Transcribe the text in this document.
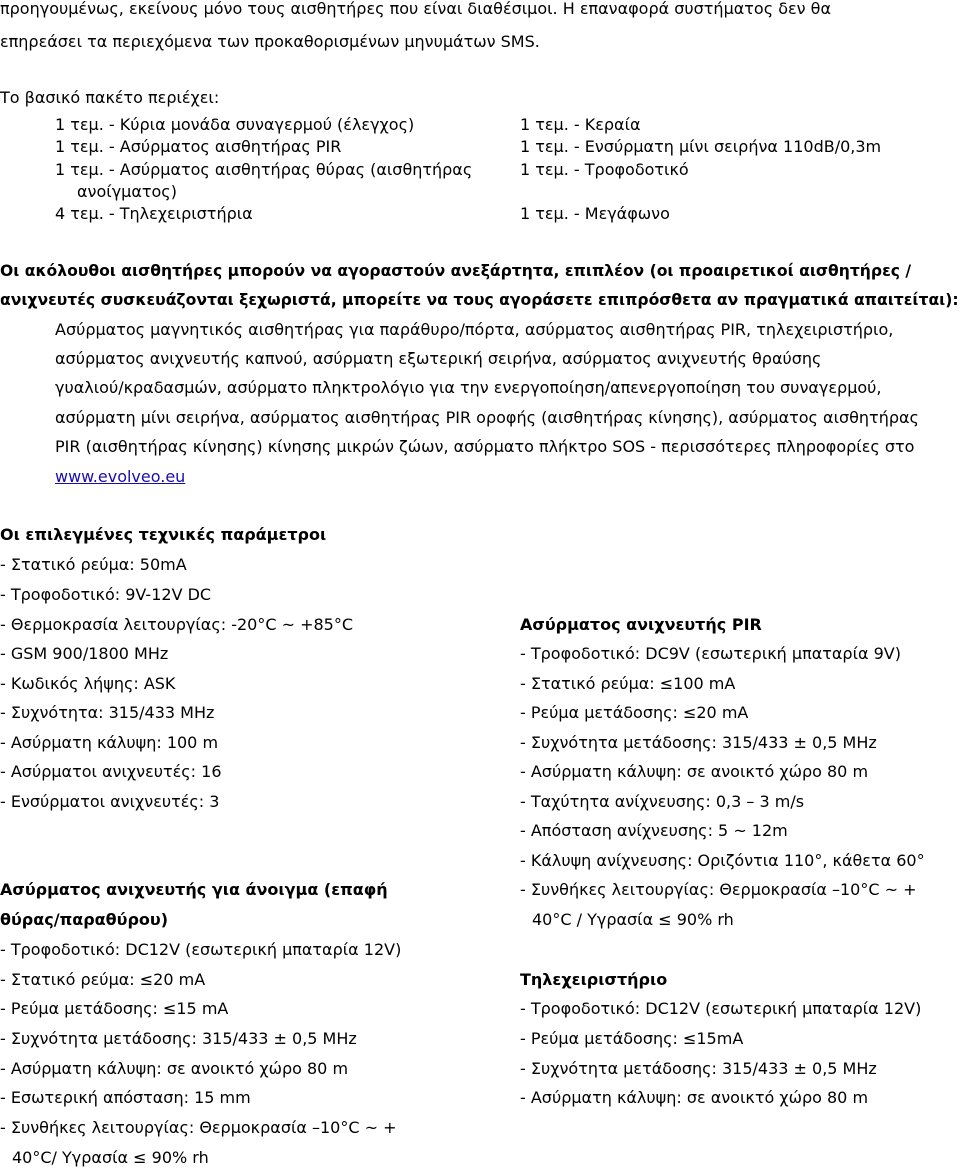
προηγουμένως, εκείνους μόνο τους αισθητήρες που είναι διαθέσιμοι. Η επαναφορά συστήματος δεν θα
επηρεάσει τα περιεχόμενα των προκαθορισμένων μηνυμάτων SMS.
Το βασικό πακέτο περιέχει:
1 τεμ. - Κύρια μονάδα συναγερμού (έλεγχος)
1 τεμ. - Ασύρματος αισθητήρας PIR
1 τεμ. - Ασύρματος αισθητήρας θύρας (αισθητήρας
ανοίγματος)
4 τεμ. - Τηλεχειριστήρια
1 τεμ. - Κεραία
1 τεμ. - Ενσύρματη μίνι σειρήνα 110dB/0,3m
1 τεμ. - Τροφοδοτικό
1 τεμ. - Μεγάφωνο
Οι ακόλουθοι αισθητήρες μπορούν να αγοραστούν ανεξάρτητα, επιπλέον (οι προαιρετικοί αισθητήρες /
ανιχνευτές συσκευάζονται ξεχωριστά, μπορείτε να τους αγοράσετε επιπρόσθετα αν πραγματικά απαιτείται):
Ασύρματος μαγνητικός αισθητήρας για παράθυρο/πόρτα, ασύρματος αισθητήρας PIR, τηλεχειριστήριο,
ασύρματος ανιχνευτής καπνού, ασύρματη εξωτερική σειρήνα, ασύρματος ανιχνευτής θραύσης
γυαλιού/κραδασμών, ασύρματο πληκτρολόγιο για την ενεργοποίηση/απενεργοποίηση του συναγερμού,
ασύρματη μίνι σειρήνα, ασύρματος αισθητήρας PIR οροφής (αισθητήρας κίνησης), ασύρματος αισθητήρας
PIR (αισθητήρας κίνησης) κίνησης μικρών ζώων, ασύρματο πλήκτρο SOS - περισσότερες πληροφορίες στο
www.evolveo.eu
Οι επιλεγμένες τεχνικές παράμετροι
- Στατικό ρεύμα: 50mA
- Τροφοδοτικό: 9V-12V DC
- Θερμοκρασία λειτουργίας: -20°C ~ +85°C
- GSM 900/1800 MHz
- Κωδικός λήψης: ASK
- Συχνότητα: 315/433 MHz
- Ασύρματη κάλυψη: 100 m
- Ασύρματοι ανιχνευτές: 16
- Ενσύρματοι ανιχνευτές: 3
Ασύρματος ανιχνευτής για άνοιγμα (επαφή
θύρας/παραθύρου)
- Τροφοδοτικό: DC12V (εσωτερική μπαταρία 12V)
- Στατικό ρεύμα: ≤20 mA
- Ρεύμα μετάδοσης: ≤15 mA
- Συχνότητα μετάδοσης: 315/433 ± 0,5 MHz
- Ασύρματη κάλυψη: σε ανοικτό χώρο 80 m
- Εσωτερική απόσταση: 15 mm
- Συνθήκες λειτουργίας: Θερμοκρασία –10°C ~ +
40°C/ Υγρασία ≤ 90% rh
Ασύρματος ανιχνευτής PIR
- Τροφοδοτικό: DC9V (εσωτερική μπαταρία 9V)
- Στατικό ρεύμα: ≤100 mA
- Ρεύμα μετάδοσης: ≤20 mA
- Συχνότητα μετάδοσης: 315/433 ± 0,5 MHz
- Ασύρματη κάλυψη: σε ανοικτό χώρο 80 m
- Ταχύτητα ανίχνευσης: 0,3 – 3 m/s
- Απόσταση ανίχνευσης: 5 ~ 12m
- Κάλυψη ανίχνευσης: Οριζόντια 110°, κάθετα 60°
- Συνθήκες λειτουργίας: Θερμοκρασία –10°C ~ +
40°C / Υγρασία ≤ 90% rh
Τηλεχειριστήριο
- Τροφοδοτικό: DC12V (εσωτερική μπαταρία 12V)
- Ρεύμα μετάδοσης: ≤15mA
- Συχνότητα μετάδοσης: 315/433 ± 0,5 MHz
- Ασύρματη κάλυψη: σε ανοικτό χώρο 80 m
